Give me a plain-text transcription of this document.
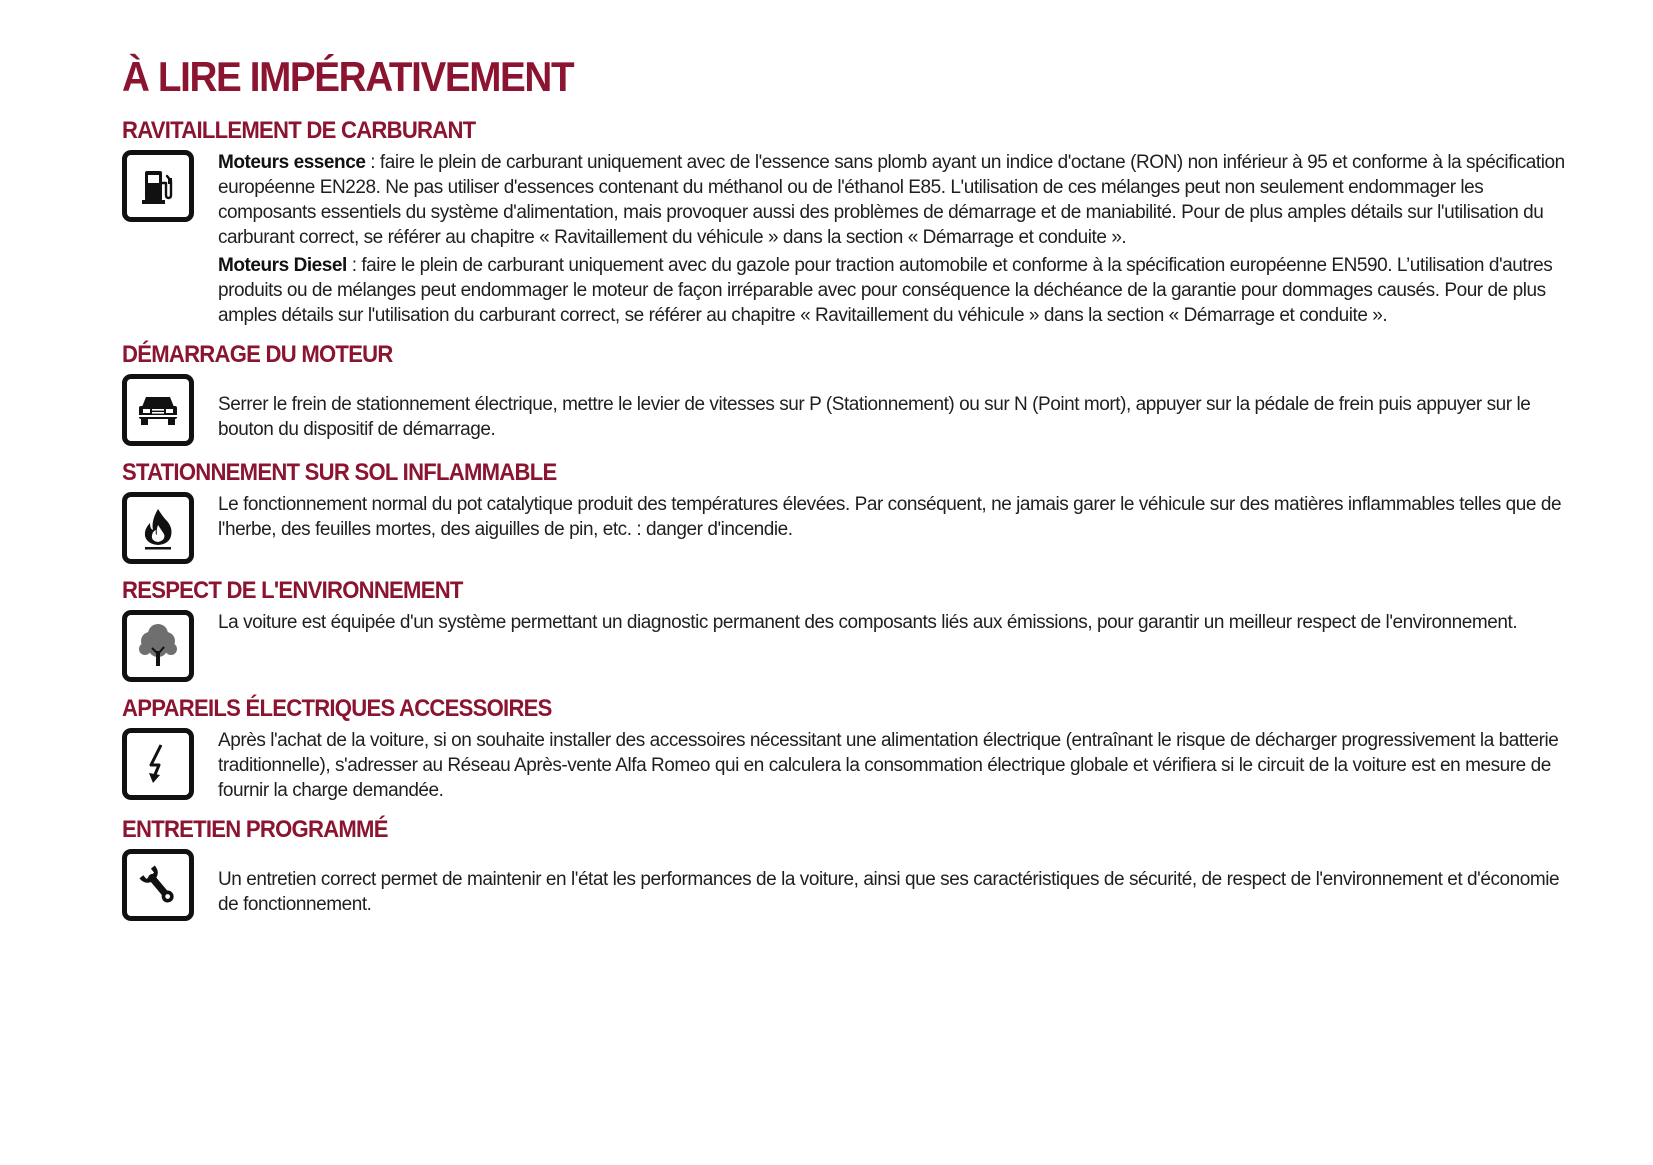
À LIRE IMPÉRATIVEMENT
RAVITAILLEMENT DE CARBURANT

Moteurs essence : faire le plein de carburant uniquement avec de l'essence sans plomb ayant un indice d'octane (RON) non inférieur à 95 et conforme à la spécification européenne EN228. Ne pas utiliser d'essences contenant du méthanol ou de l'éthanol E85. L'utilisation de ces mélanges peut non seulement endommager les composants essentiels du système d'alimentation, mais provoquer aussi des problèmes de démarrage et de maniabilité. Pour de plus amples détails sur l'utilisation du carburant correct, se référer au chapitre « Ravitaillement du véhicule » dans la section « Démarrage et conduite ».

Moteurs Diesel : faire le plein de carburant uniquement avec du gazole pour traction automobile et conforme à la spécification européenne EN590. L’utilisation d'autres produits ou de mélanges peut endommager le moteur de façon irréparable avec pour conséquence la déchéance de la garantie pour dommages causés. Pour de plus amples détails sur l'utilisation du carburant correct, se référer au chapitre « Ravitaillement du véhicule » dans la section « Démarrage et conduite ».

DÉMARRAGE DU MOTEUR

Serrer le frein de stationnement électrique, mettre le levier de vitesses sur P (Stationnement) ou sur N (Point mort), appuyer sur la pédale de frein puis appuyer sur le bouton du dispositif de démarrage.

STATIONNEMENT SUR SOL INFLAMMABLE

Le fonctionnement normal du pot catalytique produit des températures élevées. Par conséquent, ne jamais garer le véhicule sur des matières inflammables telles que de l'herbe, des feuilles mortes, des aiguilles de pin, etc. : danger d'incendie.

RESPECT DE L'ENVIRONNEMENT

La voiture est équipée d'un système permettant un diagnostic permanent des composants liés aux émissions, pour garantir un meilleur respect de l'environnement.

APPAREILS ÉLECTRIQUES ACCESSOIRES

Après l'achat de la voiture, si on souhaite installer des accessoires nécessitant une alimentation électrique (entraînant le risque de décharger progressivement la batterie traditionnelle), s'adresser au Réseau Après-vente Alfa Romeo qui en calculera la consommation électrique globale et vérifiera si le circuit de la voiture est en mesure de fournir la charge demandée.

ENTRETIEN PROGRAMMÉ

Un entretien correct permet de maintenir en l'état les performances de la voiture, ainsi que ses caractéristiques de sécurité, de respect de l'environnement et d'économie de fonctionnement.
